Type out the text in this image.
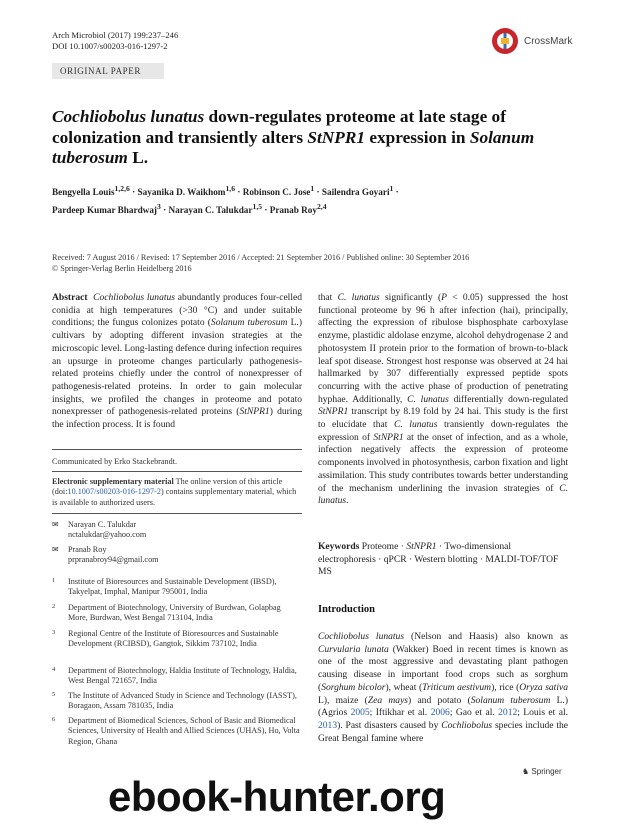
Arch Microbiol (2017) 199:237–246
DOI 10.1007/s00203-016-1297-2	CrossMark
ORIGINAL PAPER
Cochliobolus lunatus down-regulates proteome at late stage of colonization and transiently alters StNPR1 expression in Solanum tuberosum L.
Bengyella Louis$^{1,2,6}$ · Sayanika D. Waikhom$^{1,6}$ · Robinson C. Jose$^1$ · Sailendra Goyari$^1$ ·
Pardeep Kumar Bhardwaj$^3$ · Narayan C. Talukdar$^{1,5}$ · Pranab Roy$^{2,4}$
Received: 7 August 2016 / Revised: 17 September 2016 / Accepted: 21 September 2016 / Published online: 30 September 2016
© Springer-Verlag Berlin Heidelberg 2016
Abstract Cochliobolus lunatus abundantly produces four-celled conidia at high temperatures (>30 °C) and under suitable conditions; the fungus colonizes potato (Solanum tuberosum L.) cultivars by adopting different invasion strategies at the microscopic level. Long-lasting defence during infection requires an upsurge in proteome changes particularly pathogenesis-related proteins chiefly under the control of nonexpresser of pathogenesis-related proteins. In order to gain molecular insights, we profiled the changes in proteome and potato nonexpresser of pathogenesis-related proteins (StNPR1) during the infection process. It is found
that C. lunatus significantly (P < 0.05) suppressed the host functional proteome by 96 h after infection (hai), principally, affecting the expression of ribulose bisphosphate carboxylase enzyme, plastidic aldolase enzyme, alcohol dehydrogenase 2 and photosystem II protein prior to the formation of brown-to-black leaf spot disease. Strongest host response was observed at 24 hai hallmarked by 307 differentially expressed peptide spots concurring with the active phase of production of penetrating hyphae. Additionally, C. lunatus differentially down-regulated StNPR1 transcript by 8.19 fold by 24 hai. This study is the first to elucidate that C. lunatus transiently down-regulates the expression of StNPR1 at the onset of infection, and as a whole, infection negatively affects the expression of proteome components involved in photosynthesis, carbon fixation and light assimilation. This study contributes towards better understanding of the mechanism underlining the invasion strategies of C. lunatus.
Communicated by Erko Stackebrandt.
Electronic supplementary material The online version of this article (doi:10.1007/s00203-016-1297-2) contains supplementary material, which is available to authorized users.
✉ Narayan C. Talukdar
nctalukdar@yahoo.com
✉ Pranab Roy
prpranabroy94@gmail.com
1 Institute of Bioresources and Sustainable Development (IBSD), Takyelpat, Imphal, Manipur 795001, India
2 Department of Biotechnology, University of Burdwan, Golapbag More, Burdwan, West Bengal 713104, India
3 Regional Centre of the Institute of Bioresources and Sustainable Development (RCIBSD), Gangtok, Sikkim 737102, India
4 Department of Biotechnology, Haldia Institute of Technology, Haldia, West Bengal 721657, India
5 The Institute of Advanced Study in Science and Technology (IASST), Boragaon, Assam 781035, India
6 Department of Biomedical Sciences, School of Basic and Biomedical Sciences, University of Health and Allied Sciences (UHAS), Ho, Volta Region, Ghana
Keywords Proteome · StNPR1 · Two-dimensional electrophoresis · qPCR · Western blotting · MALDI-TOF/TOF MS
Introduction
Cochliobolus lunatus (Nelson and Haasis) also known as Curvularia lunata (Wakker) Boed in recent times is known as one of the most aggressive and devastating plant pathogen causing disease in important food crops such as sorghum (Sorghum bicolor), wheat (Triticum aestivum), rice (Oryza sativa L), maize (Zea mays) and potato (Solanum tuberosum L.) (Agrios 2005; Iftikhar et al. 2006; Gao et al. 2012; Louis et al. 2013). Past disasters caused by Cochliobolus species include the Great Bengal famine where
♞ Springer
ebook-hunter.org
